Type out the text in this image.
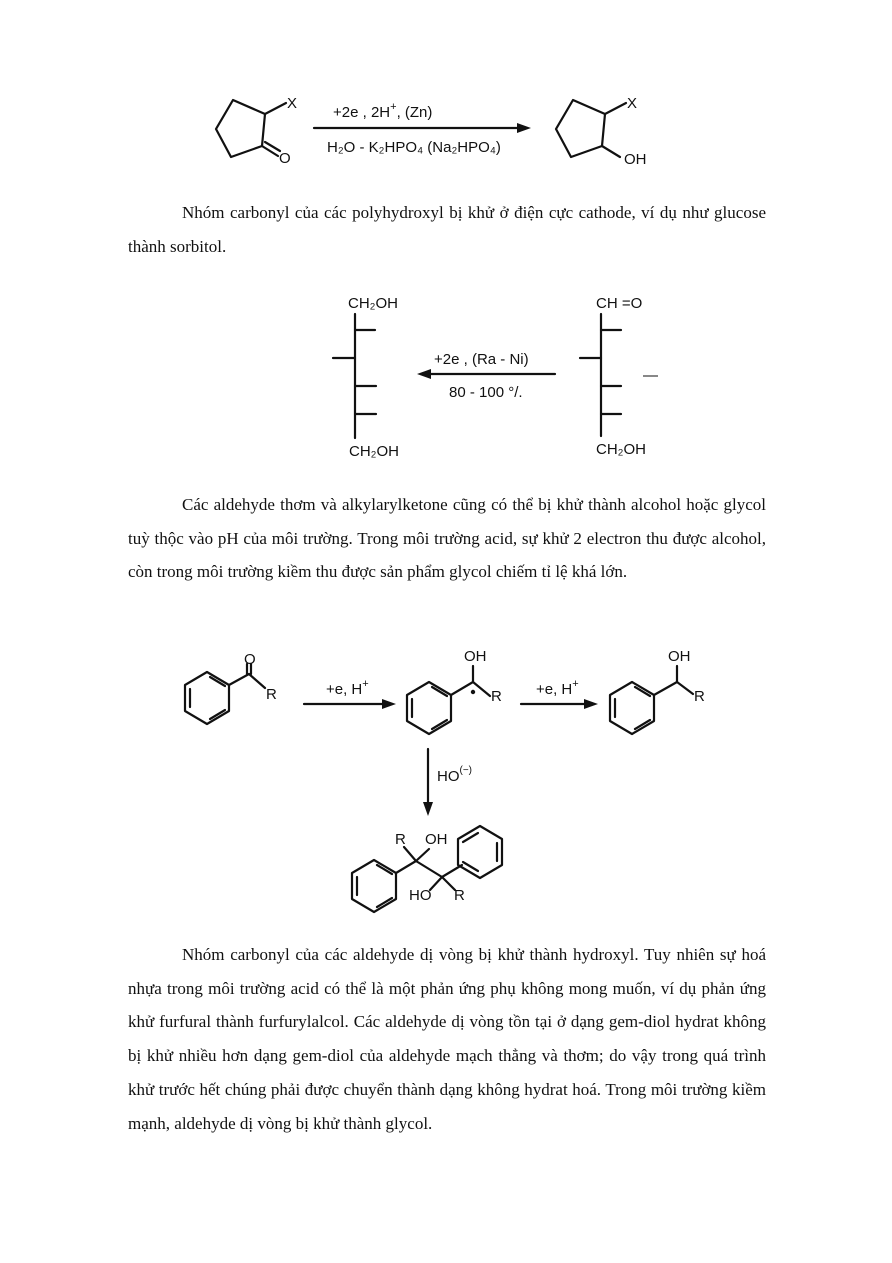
X
O
+2e , 2H+, (Zn)
H₂O - K₂HPO₄ (Na₂HPO₄)
X
OH

Nhóm carbonyl của các polyhydroxyl bị khử ở điện cực cathode, ví dụ như glucose thành sorbitol.

CH₂OH
CH₂OH
+2e , (Ra - Ni)
80 - 100 °/.
CH =O
CH₂OH
—

Các aldehyde thơm và alkylarylketone cũng có thể bị khử thành alcohol hoặc glycol tuỳ thộc vào pH của môi trường. Trong môi trường acid, sự khử 2 electron thu được alcohol, còn trong môi trường kiềm thu được sản phẩm glycol chiếm tỉ lệ khá lớn.

O
R	+e, H+
OH
R +e, H+
OH
R
HO(−)
R OH
HO R

Nhóm carbonyl của các aldehyde dị vòng bị khử thành hydroxyl. Tuy nhiên sự hoá nhựa trong môi trường acid có thể là một phản ứng phụ không mong muốn, ví dụ phản ứng khử furfural thành furfurylalcol. Các aldehyde dị vòng tồn tại ở dạng gem-diol hydrat không bị khử nhiều hơn dạng gem-diol của aldehyde mạch thẳng và thơm; do vậy trong quá trình khử trước hết chúng phải được chuyển thành dạng không hydrat hoá. Trong môi trường kiềm mạnh, aldehyde dị vòng bị khử thành glycol.
